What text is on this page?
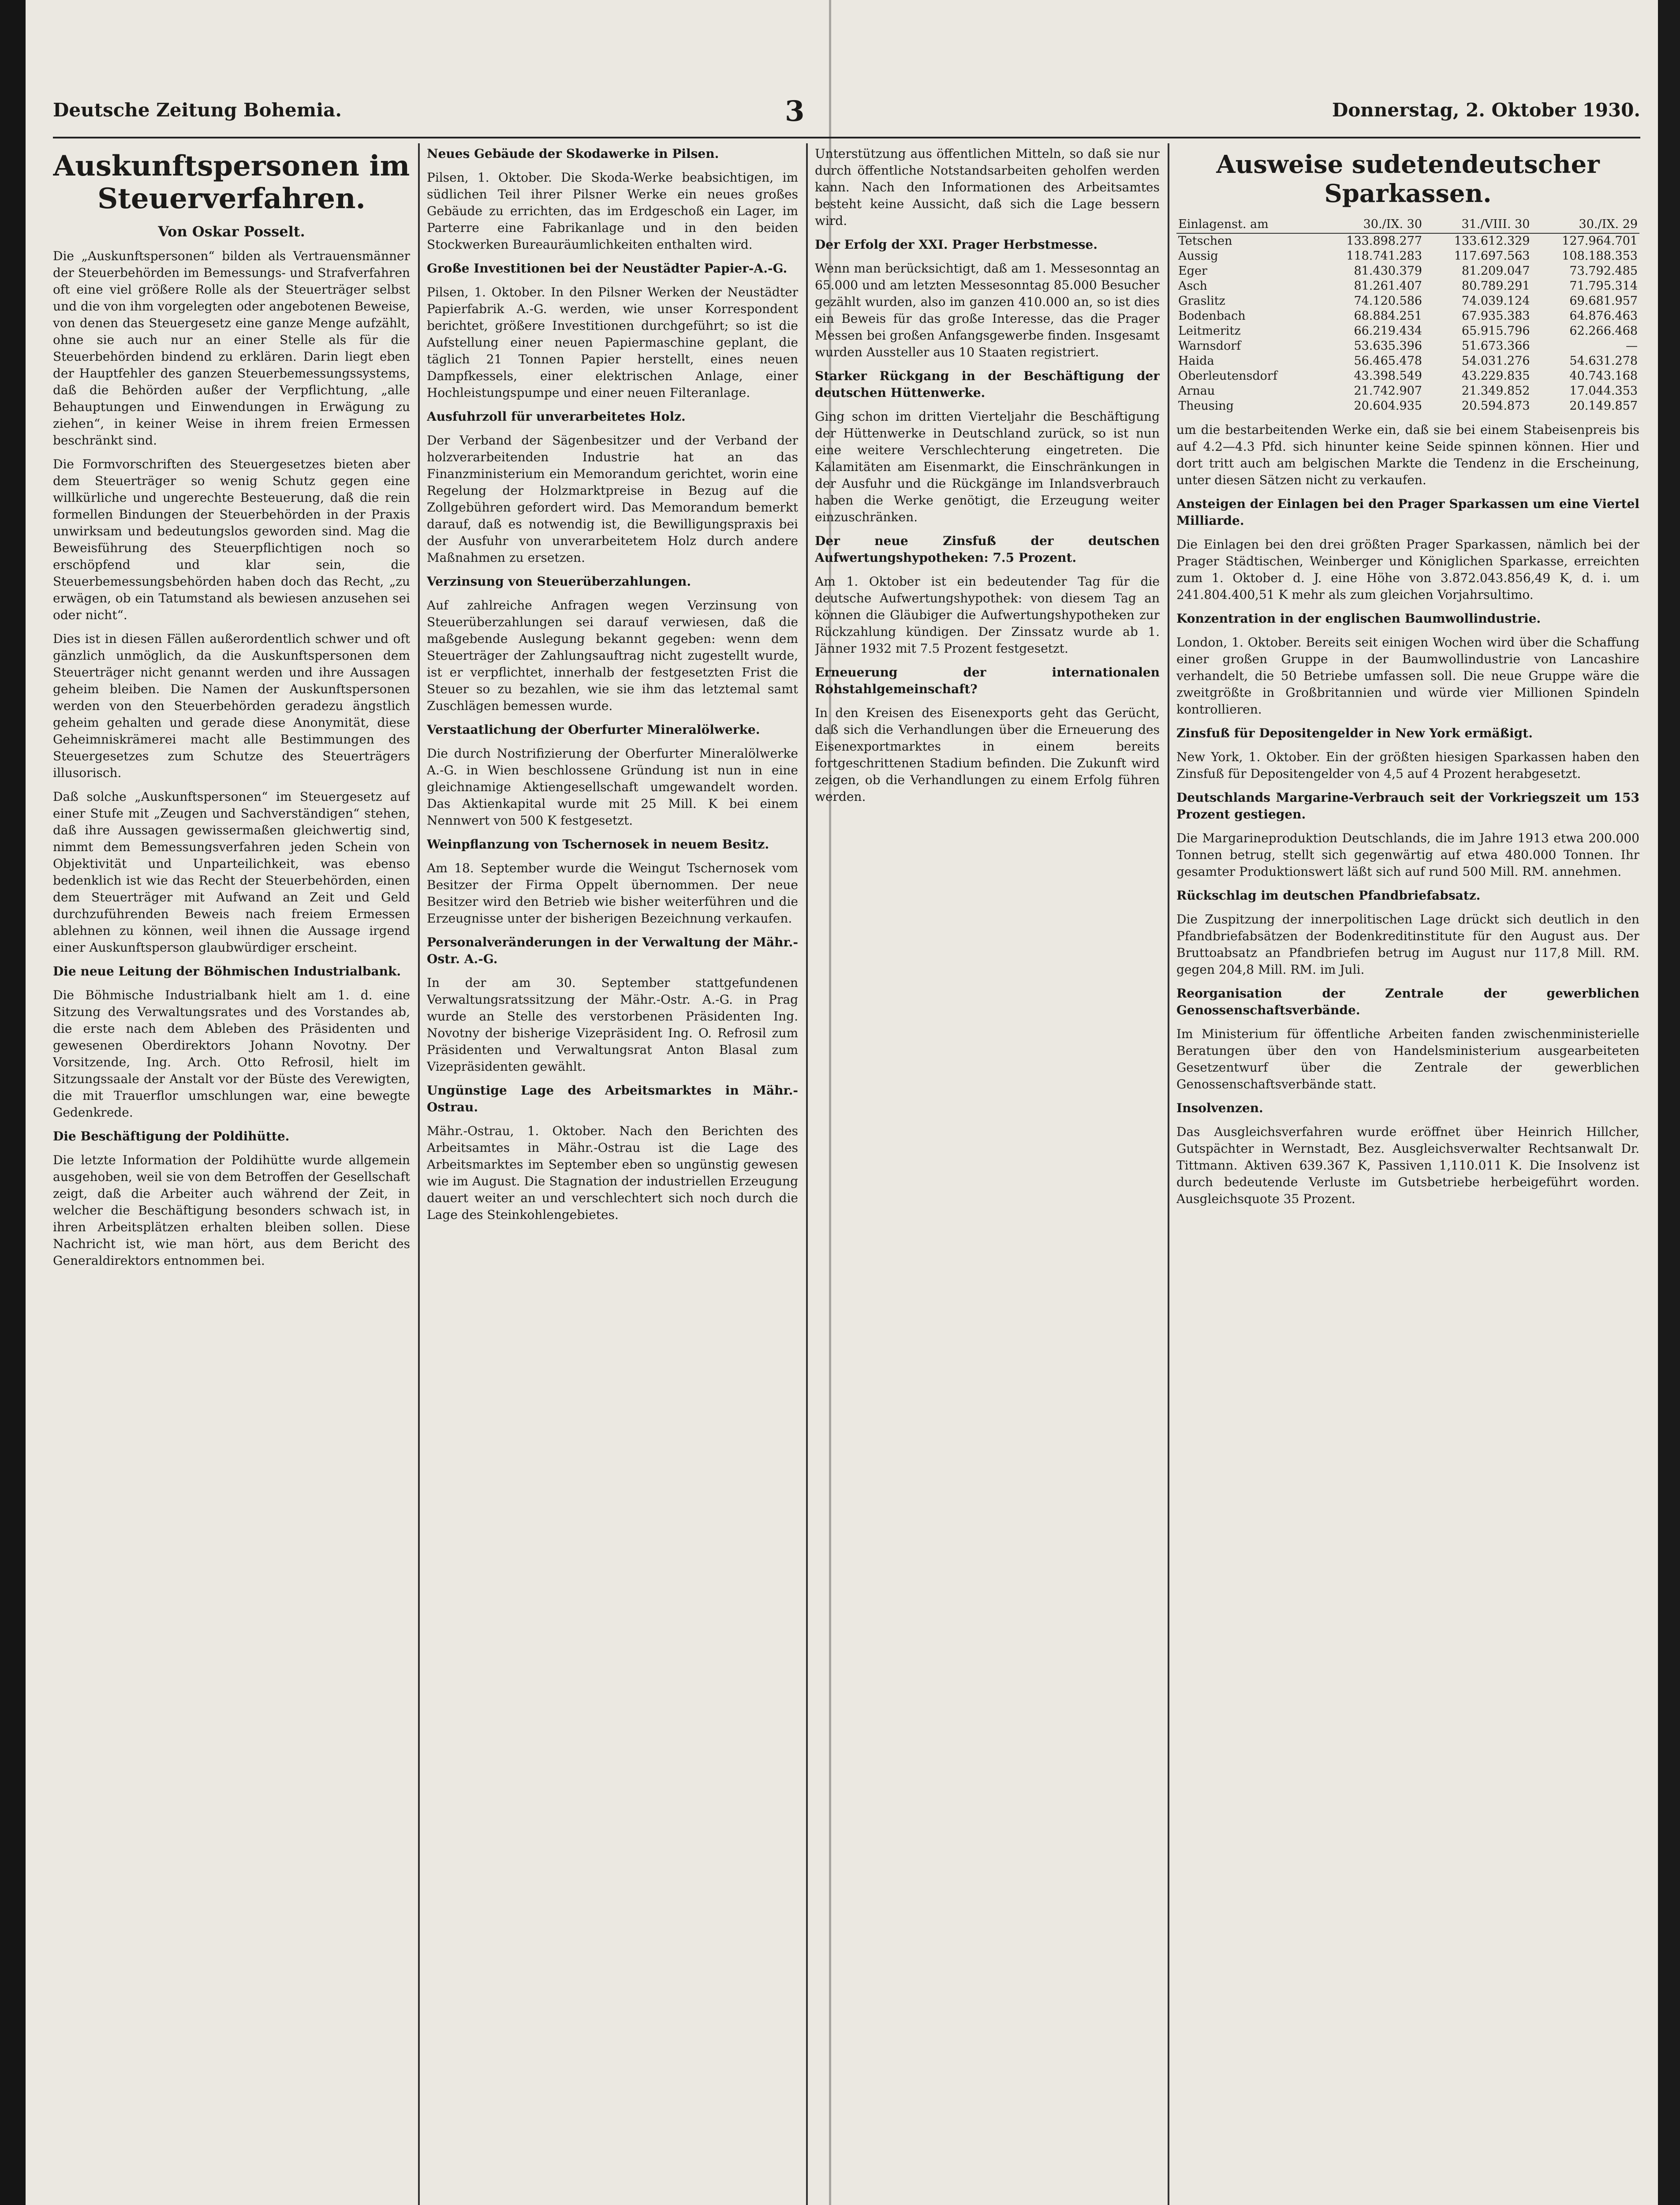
Deutsche Zeitung Bohemia.	3	Donnerstag, 2. Oktober 1930.
Auskunftspersonen im Steuerverfahren.
Von Oskar Posselt.

Die „Auskunftspersonen“ bilden als Vertrauensmänner der Steuerbehörden im Bemessungs- und Strafverfahren oft eine viel größere Rolle als der Steuerträger selbst und die von ihm vorgelegten oder angebotenen Beweise, von denen das Steuergesetz eine ganze Menge aufzählt, ohne sie auch nur an einer Stelle als für die Steuerbehörden bindend zu erklären. Darin liegt eben der Hauptfehler des ganzen Steuerbemessungssystems, daß die Behörden außer der Verpflichtung, „alle Behauptungen und Einwendungen in Erwägung zu ziehen“, in keiner Weise in ihrem freien Ermessen beschränkt sind.

Die Formvorschriften des Steuergesetzes bieten aber dem Steuerträger so wenig Schutz gegen eine willkürliche und ungerechte Besteuerung, daß die rein formellen Bindungen der Steuerbehörden in der Praxis unwirksam und bedeutungslos geworden sind. Mag die Beweisführung des Steuerpflichtigen noch so erschöpfend und klar sein, die Steuerbemessungsbehörden haben doch das Recht, „zu erwägen, ob ein Tatumstand als bewiesen anzusehen sei oder nicht“.

Dies ist in diesen Fällen außerordentlich schwer und oft gänzlich unmöglich, da die Auskunftspersonen dem Steuerträger nicht genannt werden und ihre Aussagen geheim bleiben. Die Namen der Auskunftspersonen werden von den Steuerbehörden geradezu ängstlich geheim gehalten und gerade diese Anonymität, diese Geheimniskrämerei macht alle Bestimmungen des Steuergesetzes zum Schutze des Steuerträgers illusorisch.

Daß solche „Auskunftspersonen“ im Steuergesetz auf einer Stufe mit „Zeugen und Sachverständigen“ stehen, daß ihre Aussagen gewissermaßen gleichwertig sind, nimmt dem Bemessungsverfahren jeden Schein von Objektivität und Unparteilichkeit, was ebenso bedenklich ist wie das Recht der Steuerbehörden, einen dem Steuerträger mit Aufwand an Zeit und Geld durchzuführenden Beweis nach freiem Ermessen ablehnen zu können, weil ihnen die Aussage irgend einer Auskunftsperson glaubwürdiger erscheint.

Die neue Leitung der Böhmischen Industrialbank.

Die Böhmische Industrialbank hielt am 1. d. eine Sitzung des Verwaltungsrates und des Vorstandes ab, die erste nach dem Ableben des Präsidenten und gewesenen Oberdirektors Johann Novotny. Der Vorsitzende, Ing. Arch. Otto Refrosil, hielt im Sitzungssaale der Anstalt vor der Büste des Verewigten, die mit Trauerflor umschlungen war, eine bewegte Gedenkrede.

Die Beschäftigung der Poldihütte.

Die letzte Information der Poldihütte wurde allgemein ausgehoben, weil sie von dem Betroffen der Gesellschaft zeigt, daß die Arbeiter auch während der Zeit, in welcher die Beschäftigung besonders schwach ist, in ihren Arbeitsplätzen erhalten bleiben sollen. Diese Nachricht ist, wie man hört, aus dem Bericht des Generaldirektors entnommen bei.

Neues Gebäude der Skodawerke in Pilsen.

Pilsen, 1. Oktober. Die Skoda-Werke beabsichtigen, im südlichen Teil ihrer Pilsner Werke ein neues großes Gebäude zu errichten, das im Erdgeschoß ein Lager, im Parterre eine Fabrikanlage und in den beiden Stockwerken Bureauräumlichkeiten enthalten wird.

Große Investitionen bei der Neustädter Papier-A.-G.

Pilsen, 1. Oktober. In den Pilsner Werken der Neustädter Papierfabrik A.-G. werden, wie unser Korrespondent berichtet, größere Investitionen durchgeführt; so ist die Aufstellung einer neuen Papiermaschine geplant, die täglich 21 Tonnen Papier herstellt, eines neuen Dampfkessels, einer elektrischen Anlage, einer Hochleistungspumpe und einer neuen Filteranlage.

Ausfuhrzoll für unverarbeitetes Holz.

Der Verband der Sägenbesitzer und der Verband der holzverarbeitenden Industrie hat an das Finanzministerium ein Memorandum gerichtet, worin eine Regelung der Holzmarktpreise in Bezug auf die Zollgebühren gefordert wird. Das Memorandum bemerkt darauf, daß es notwendig ist, die Bewilligungspraxis bei der Ausfuhr von unverarbeitetem Holz durch andere Maßnahmen zu ersetzen.

Verzinsung von Steuerüberzahlungen.

Auf zahlreiche Anfragen wegen Verzinsung von Steuerüberzahlungen sei darauf verwiesen, daß die maßgebende Auslegung bekannt gegeben: wenn dem Steuerträger der Zahlungsauftrag nicht zugestellt wurde, ist er verpflichtet, innerhalb der festgesetzten Frist die Steuer so zu bezahlen, wie sie ihm das letztemal samt Zuschlägen bemessen wurde.

Verstaatlichung der Oberfurter Mineralölwerke.

Die durch Nostrifizierung der Oberfurter Mineralölwerke A.-G. in Wien beschlossene Gründung ist nun in eine gleichnamige Aktiengesellschaft umgewandelt worden. Das Aktienkapital wurde mit 25 Mill. K bei einem Nennwert von 500 K festgesetzt.

Weinpflanzung von Tschernosek in neuem Besitz.

Am 18. September wurde die Weingut Tschernosek vom Besitzer der Firma Oppelt übernommen. Der neue Besitzer wird den Betrieb wie bisher weiterführen und die Erzeugnisse unter der bisherigen Bezeichnung verkaufen.

Personalveränderungen in der Verwaltung der Mähr.-Ostr. A.-G.

In der am 30. September stattgefundenen Verwaltungsratssitzung der Mähr.-Ostr. A.-G. in Prag wurde an Stelle des verstorbenen Präsidenten Ing. Novotny der bisherige Vizepräsident Ing. O. Refrosil zum Präsidenten und Verwaltungsrat Anton Blasal zum Vizepräsidenten gewählt.

Ungünstige Lage des Arbeitsmarktes in Mähr.-Ostrau.

Mähr.-Ostrau, 1. Oktober. Nach den Berichten des Arbeitsamtes in Mähr.-Ostrau ist die Lage des Arbeitsmarktes im September eben so ungünstig gewesen wie im August. Die Stagnation der industriellen Erzeugung dauert weiter an und verschlechtert sich noch durch die Lage des Steinkohlengebietes.

Unterstützung aus öffentlichen Mitteln, so daß sie nur durch öffentliche Notstandsarbeiten geholfen werden kann. Nach den Informationen des Arbeitsamtes besteht keine Aussicht, daß sich die Lage bessern wird.

Der Erfolg der XXI. Prager Herbstmesse.

Wenn man berücksichtigt, daß am 1. Messesonntag an 65.000 und am letzten Messesonntag 85.000 Besucher gezählt wurden, also im ganzen 410.000 an, so ist dies ein Beweis für das große Interesse, das die Prager Messen bei großen Anfangsgewerbe finden. Insgesamt wurden Aussteller aus 10 Staaten registriert.

Starker Rückgang in der Beschäftigung der deutschen Hüttenwerke.

Ging schon im dritten Vierteljahr die Beschäftigung der Hüttenwerke in Deutschland zurück, so ist nun eine weitere Verschlechterung eingetreten. Die Kalamitäten am Eisenmarkt, die Einschränkungen in der Ausfuhr und die Rückgänge im Inlandsverbrauch haben die Werke genötigt, die Erzeugung weiter einzuschränken.

Der neue Zinsfuß der deutschen Aufwertungshypotheken: 7.5 Prozent.

Am 1. Oktober ist ein bedeutender Tag für die deutsche Aufwertungshypothek: von diesem Tag an können die Gläubiger die Aufwertungshypotheken zur Rückzahlung kündigen. Der Zinssatz wurde ab 1. Jänner 1932 mit 7.5 Prozent festgesetzt.

Erneuerung der internationalen Rohstahlgemeinschaft?

In den Kreisen des Eisenexports geht das Gerücht, daß sich die Verhandlungen über die Erneuerung des Eisenexportmarktes in einem bereits fortgeschrittenen Stadium befinden. Die Zukunft wird zeigen, ob die Verhandlungen zu einem Erfolg führen werden.

Ausweise sudetendeutscher Sparkassen.
Einlagenst. am	30./IX. 30	31./VIII. 30	30./IX. 29
Tetschen	133.898.277	133.612.329	127.964.701
Aussig	118.741.283	117.697.563	108.188.353
Eger	81.430.379	81.209.047	73.792.485
Asch	81.261.407	80.789.291	71.795.314
Graslitz	74.120.586	74.039.124	69.681.957
Bodenbach	68.884.251	67.935.383	64.876.463
Leitmeritz	66.219.434	65.915.796	62.266.468
Warnsdorf	53.635.396	51.673.366	—
Haida	56.465.478	54.031.276	54.631.278
Oberleutensdorf	43.398.549	43.229.835	40.743.168
Arnau	21.742.907	21.349.852	17.044.353
Theusing	20.604.935	20.594.873	20.149.857

um die bestarbeitenden Werke ein, daß sie bei einem Stabeisenpreis bis auf 4.2—4.3 Pfd. sich hinunter keine Seide spinnen können. Hier und dort tritt auch am belgischen Markte die Tendenz in die Erscheinung, unter diesen Sätzen nicht zu verkaufen.

Ansteigen der Einlagen bei den Prager Sparkassen um eine Viertel Milliarde.

Die Einlagen bei den drei größten Prager Sparkassen, nämlich bei der Prager Städtischen, Weinberger und Königlichen Sparkasse, erreichten zum 1. Oktober d. J. eine Höhe von 3.872.043.856,49 K, d. i. um 241.804.400,51 K mehr als zum gleichen Vorjahrsultimo.

Konzentration in der englischen Baumwollindustrie.

London, 1. Oktober. Bereits seit einigen Wochen wird über die Schaffung einer großen Gruppe in der Baumwollindustrie von Lancashire verhandelt, die 50 Betriebe umfassen soll. Die neue Gruppe wäre die zweitgrößte in Großbritannien und würde vier Millionen Spindeln kontrollieren.

Zinsfuß für Depositengelder in New York ermäßigt.

New York, 1. Oktober. Ein der größten hiesigen Sparkassen haben den Zinsfuß für Depositengelder von 4,5 auf 4 Prozent herabgesetzt.

Deutschlands Margarine-Verbrauch seit der Vorkriegszeit um 153 Prozent gestiegen.

Die Margarineproduktion Deutschlands, die im Jahre 1913 etwa 200.000 Tonnen betrug, stellt sich gegenwärtig auf etwa 480.000 Tonnen. Ihr gesamter Produktionswert läßt sich auf rund 500 Mill. RM. annehmen.

Rückschlag im deutschen Pfandbriefabsatz.

Die Zuspitzung der innerpolitischen Lage drückt sich deutlich in den Pfandbriefabsätzen der Bodenkreditinstitute für den August aus. Der Bruttoabsatz an Pfandbriefen betrug im August nur 117,8 Mill. RM. gegen 204,8 Mill. RM. im Juli.

Reorganisation der Zentrale der gewerblichen Genossenschaftsverbände.

Im Ministerium für öffentliche Arbeiten fanden zwischenministerielle Beratungen über den von Handelsministerium ausgearbeiteten Gesetzentwurf über die Zentrale der gewerblichen Genossenschaftsverbände statt.

Insolvenzen.

Das Ausgleichsverfahren wurde eröffnet über Heinrich Hillcher, Gutspächter in Wernstadt, Bez. Ausgleichsverwalter Rechtsanwalt Dr. Tittmann. Aktiven 639.367 K, Passiven 1,110.011 K. Die Insolvenz ist durch bedeutende Verluste im Gutsbetriebe herbeigeführt worden. Ausgleichsquote 35 Prozent.
